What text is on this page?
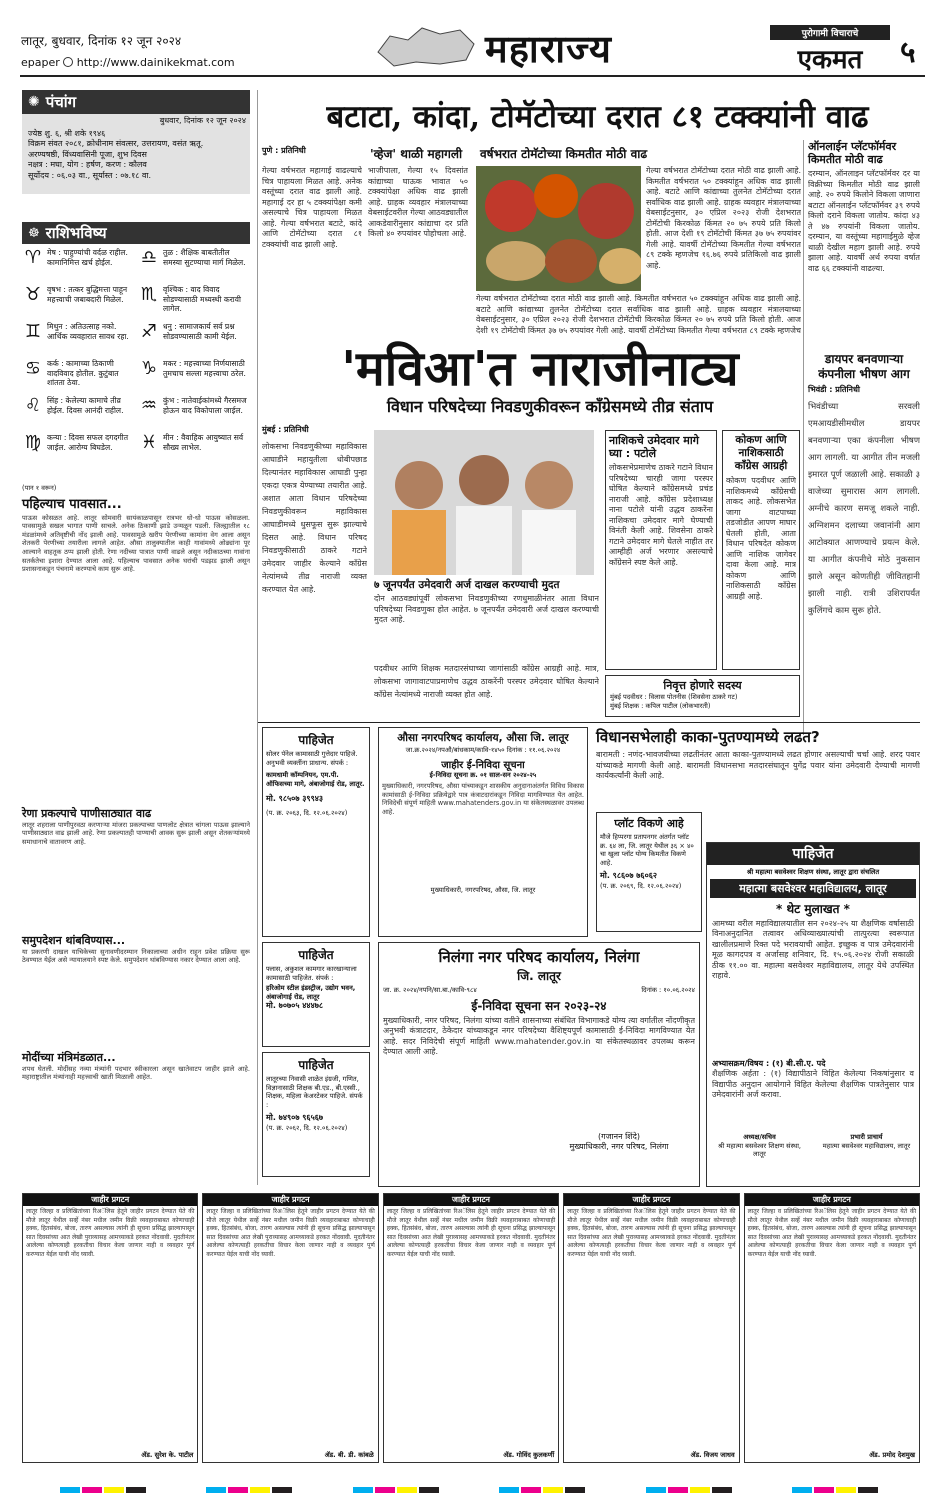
लातूर, बुधवार, दिनांक १२ जून २०२४
epaper http://www.dainikekmat.com	महाराज्य	पुरोगामी विचाराचे
एकमत	५
✺ पंचांग
बुधवार, दिनांक १२ जून २०२४
ज्येष्ठ शु. ६, श्री शके १९४६
विक्रम संवत २०८१, क्रोधीनाम संवत्सर, उत्तरायण, वसंत ऋतू.
अरण्यषष्ठी, विंध्यवासिनी पूजा, शुभ दिवस
नक्षत्र : मघा, योग : हर्षण, करण : कौलव
सूर्योदय : ०६.०३ वा., सूर्यास्त : ०७.१८ वा.
☸ राशिभविष्य
♈ मेष : पाहुण्यांची वर्दळ राहील. कामानिमित्त खर्च होईल.	♎ तुळ : शैक्षिक बाबतीतील समस्या सुटण्याचा मार्ग मिळेल.
♉ वृषभ : तत्कर बुद्धिमत्ता पाहून महत्त्वाची जबाबदारी मिळेल. ♏ वृश्चिक : वाद विवाद सोडण्यासाठी मध्यस्थी करावी लागेल.
♊ मिथुन : अतिउत्साह नको. आर्थिक व्यवहारात सावध रहा. ♐ धनु : सामाजकार्य सर्व प्रश्न सोडवण्यासाठी कामी येईल.
♋ कर्क : कामाच्या ठिकाणी वादविवाद होतील. कुटुंबात शांतता ठेवा.
♑ मकर : महत्त्वाच्या निर्णयासाठी तुमचाच सल्ला महत्त्वाचा ठरेल.
♌ सिंह : केलेल्या कामाचे तीव्र होईल. दिवस आनंदी राहील. ♒ कुंभ : नातेवाईकांमध्ये गैरसमज होऊन वाद विकोपाला जाईल.
♍ कन्या : दिवस सफल दगदगीत जाईल. आरोग्य बिघडेल.	♓ मीन : वैवाहिक आयुष्यात सर्व सौख्य लाभेल.
(पान १ वरून)
पहिल्याच पावसात...
पाऊस कोसळत आहे. लातूर सोमवारी सायंकाळपासून रात्रभर धो-धो पाऊस कोसळला. पावसामुळे सखल भागात पाणी साचले. अनेक ठिकाणी झाडे उन्मळून पडली. जिल्ह्यातील १८ मंडळांमध्ये अतिवृष्टीची नोंद झाली आहे. पावसामुळे खरीप पेरणीच्या कामांना वेग आला असून शेतकरी पेरणीच्या तयारीला लागले आहेत. औसा तालुक्यातील काही गावांमध्ये ओढ्यांना पूर आल्याने वाहतूक ठप्प झाली होती. रेणा नदीच्या पात्रात पाणी वाढले असून नदीकाठच्या गावांना सतर्कतेचा इशारा देण्यात आला आहे. पहिल्याच पावसात अनेक घरांची पडझड झाली असून प्रशासनाकडून पंचनामे करण्याचे काम सुरू आहे.
रेणा प्रकल्पाचे पाणीसाठ्यात वाढ
लातूर शहराला पाणीपुरवठा करणाऱ्या मांजरा प्रकल्पाच्या पाणलोट क्षेत्रात चांगला पाऊस झाल्याने पाणीसाठ्यात वाढ झाली आहे. रेणा प्रकल्पातही पाण्याची आवक सुरू झाली असून शेतकऱ्यांमध्ये समाधानाचे वातावरण आहे.
समुपदेशन थांबविण्यास...
या प्रकरणी दाखल याचिकेच्या सुनावणीदरम्यान निकालाच्या अधीन राहून प्रवेश प्रक्रिया सुरू ठेवण्यात येईल असे न्यायालयाने स्पष्ट केले. समुपदेशन थांबविण्यास नकार देण्यात आला आहे.
मोदींच्या मंत्रिमंडळात...
शपथ घेतली. मोदींसह नव्या मंत्र्यांनी पदभार स्वीकारला असून खातेवाटप जाहीर झाले आहे. महाराष्ट्रातील मंत्र्यांनाही महत्त्वाची खाती मिळाली आहेत.
बटाटा, कांदा, टोमॅटोच्या दरात ८१ टक्क्यांनी वाढ
पुणे : प्रतिनिधी	'व्हेज' थाळी महागली वर्षभरात टोमॅटोच्या किमतीत मोठी वाढ
गेल्या वर्षभरात महागाई वाढल्याचे चित्र पाहायला मिळत आहे. अनेक वस्तूंच्या दरात वाढ झाली आहे. महागाई दर हा ५ टक्क्यांपेक्षा कमी असल्याचे चित्र पाहायला मिळत आहे. गेल्या वर्षभरात बटाटे, कांदे आणि टोमॅटोच्या दरात ८१ टक्क्यांची वाढ झाली आहे.
भाजीपाला, गेल्या १५ दिवसांत कांद्याच्या घाऊक भावात ५० टक्क्यांपेक्षा अधिक वाढ झाली आहे. ग्राहक व्यवहार मंत्रालयाच्या वेबसाईटवरील गेल्या आठवड्यातील आकडेवारीनुसार कांद्याचा दर प्रति किलो ४० रुपयांवर पोहोचला आहे.
गेल्या वर्षभरात टोमॅटोच्या दरात मोठी वाढ झाली आहे. किमतीत वर्षभरात ५० टक्क्यांहून अधिक वाढ झाली आहे. बटाटे आणि कांद्याच्या तुलनेत टोमॅटोच्या दरात सर्वाधिक वाढ झाली आहे. ग्राहक व्यवहार मंत्रालयाच्या वेबसाईटनुसार, ३० एप्रिल २०२३ रोजी देशभरात टोमॅटोची किरकोळ किंमत २० ७५ रुपये प्रति किलो होती. आज देशी १९ टोमॅटोची किंमत ३७ ७५ रुपयांवर गेली आहे. यावर्षी टोमॅटोच्या किमतीत गेल्या वर्षभरात ८९ टक्के म्हणजेच १६.७६ रुपये प्रतिकिलो वाढ झाली आहे.
गेल्या वर्षभरात टोमॅटोच्या दरात मोठी वाढ झाली आहे. किमतीत वर्षभरात ५० टक्क्यांहून अधिक वाढ झाली आहे. बटाटे आणि कांद्याच्या तुलनेत टोमॅटोच्या दरात सर्वाधिक वाढ झाली आहे. ग्राहक व्यवहार मंत्रालयाच्या वेबसाईटनुसार, ३० एप्रिल २०२३ रोजी देशभरात टोमॅटोची किरकोळ किंमत २० ७५ रुपये प्रति किलो होती. आज देशी १९ टोमॅटोची किंमत ३७ ७५ रुपयांवर गेली आहे. यावर्षी टोमॅटोच्या किमतीत गेल्या वर्षभरात ८९ टक्के म्हणजेच
ऑनलाईन प्लॅटफॉर्मवर किमतीत मोठी वाढ
दरम्यान, ऑनलाइन प्लॅटफॉर्मवर दर या विक्रीच्या किमतीत मोठी वाढ झाली आहे. २० रुपये किलोने विकला जाणारा बटाटा ऑनलाईन प्लॅटफॉर्मवर ३९ रुपये किलो दराने विकला जातोय. कांदा ४३ ते ४७ रुपयांनी विकला जातोय. दरम्यान, या वस्तूंच्या महागाईमुळे व्हेज थाळी देखील महाग झाली आहे. रुपये झाला आहे. यावर्षी अर्थ रुपया वर्षात वाढ ६६ टक्क्यांनी वाढल्या.
डायपर बनवणाऱ्या कंपनीला भीषण आग
भिवंडी : प्रतिनिधी
भिवंडीच्या सरवली एमआयडीसीमधील डायपर बनवणाऱ्या एका कंपनीला भीषण आग लागली. या आगीत तीन मजली इमारत पूर्ण जळाली आहे. सकाळी ३ वाजेच्या सुमारास आग लागली. अग्नीचे कारण समजू शकले नाही. अग्निशमन दलाच्या जवानांनी आग आटोक्यात आणण्याचे प्रयत्न केले. या आगीत कंपनीचे मोठे नुकसान झाले असून कोणतीही जीवितहानी झाली नाही. रात्री उशिरापर्यंत कुलिंगचे काम सुरू होते.
'मविआ'त नाराजीनाट्य
विधान परिषदेच्या निवडणुकीवरून काँग्रेसमध्ये तीव्र संताप
मुंबई : प्रतिनिधी
लोकसभा निवडणुकीच्या महाविकास आघाडीने महायुतीला धोबीपछाड दिल्यानंतर महाविकास आघाडी पुन्हा एकदा एकत्र येण्याच्या तयारीत आहे. अशात आता विधान परिषदेच्या निवडणुकीवरून महाविकास आघाडीमध्ये धुसफूस सुरू झाल्याचे दिसत आहे. विधान परिषद निवडणुकीसाठी ठाकरे गटाने उमेदवार जाहीर केल्याने काँग्रेस नेत्यांमध्ये तीव्र नाराजी व्यक्त करण्यात येत आहे.	७ जूनपर्यंत उमेदवारी अर्ज दाखल करण्याची मुदत
दोन आठवड्यांपूर्वी लोकसभा निवडणुकीच्या रणधुमाळीनंतर आता विधान परिषदेच्या निवडणुका होत आहेत. ७ जूनपर्यंत उमेदवारी अर्ज दाखल करण्याची मुदत आहे.
पदवीधर आणि शिक्षक मतदारसंघाच्या जागांसाठी काँग्रेस आग्रही आहे. मात्र, लोकसभा जागावाटपाप्रमाणेच उद्धव ठाकरेंनी परस्पर उमेदवार घोषित केल्याने काँग्रेस नेत्यांमध्ये नाराजी व्यक्त होत आहे.
नाशिकचे उमेदवार मागे घ्या : पटोले
लोकसभेप्रमाणेच ठाकरे गटाने विधान परिषदेच्या चारही जागा परस्पर घोषित केल्याने काँग्रेसमध्ये प्रचंड नाराजी आहे. काँग्रेस प्रदेशाध्यक्ष नाना पटोले यांनी उद्धव ठाकरेंना नाशिकचा उमेदवार मागे घेण्याची विनंती केली आहे. शिवसेना ठाकरे गटाने उमेदवार मागे घेतले नाहीत तर आम्हीही अर्ज भरणार असल्याचे काँग्रेसने स्पष्ट केले आहे.
कोकण आणि नाशिकसाठी काँग्रेस आग्रही
कोकण पदवीधर आणि नाशिकमध्ये काँग्रेसची ताकद आहे. लोकसभेत जागा वाटपाच्या तडजोडीत आपण माघार घेतली होती, आता विधान परिषदेत कोकण आणि नाशिक जागेवर दावा केला आहे. मात्र कोकण आणि नाशिकसाठी काँग्रेस आग्रही आहे.
निवृत्त होणारे सदस्य
मुंबई पदवीधर : विलास पोतनीस (शिवसेना ठाकरे गट)
मुंबई शिक्षक : कपिल पाटील (लोकभारती)
पाहिजेत
सोलर पॅनेल कामासाठी गुत्तेदार पाहिजे. अनुभवी व्यक्तींना प्राधान्य. संपर्क :
कामधामी कॉम्पनियन, एम.पी. ऑफिसच्या मागे, अंबाजोगाई रोड, लातूर.
मो. ९८५०७ ३९९४३
(प. क्र. २०६३, दि. १२.०६.२०२४)
पाहिजेत
फ्लास, अकुशल कामगार कारखान्याला कामासाठी पाहिजेत. संपर्क :
हरिओम स्टील इंडस्ट्रीज, उद्योग भवन, अंबाजोगाई रोड, लातूर
मो. ७०७०५ ४४४७८
पाहिजेत
लातूरच्या निवासी शाळेत इंग्रजी, गणित, विज्ञानासाठी शिक्षक बी.एड., बी.एस्सी., शिक्षक, महिला केअरटेकर पाहिजे. संपर्क :
मो. ७४९०७ ९६५६७
(प. क्र. २०६२, दि. १२.०६.२०२४)
औसा नगरपरिषद कार्यालय, औसा जि. लातूर
जा.क्र.२०२४/नपऔ/बांधकाम/कावि-१४५० दिनांक : ११.०६.२०२४
जाहीर ई-निविदा सूचना
ई-निविदा सूचना क्र. ०१ साल-सन २०२४-२५
मुख्याधिकारी, नगरपरिषद, औसा यांच्याकडून शासकीय अनुदानाअंतर्गत विविध विकास कामांसाठी ई-निविदा प्रक्रियेद्वारे पात्र कंत्राटदारांकडून निविदा मागविण्यात येत आहेत. निविदेची संपूर्ण माहिती www.mahatenders.gov.in या संकेतस्थळावर उपलब्ध आहे.
मुख्याधिकारी, नगरपरिषद, औसा, जि. लातूर
विधानसभेलाही काका-पुतण्यामध्ये लढत?
बारामती : नणंद-भावजयीच्या लढतीनंतर आता काका-पुतण्यामध्ये लढत होणार असल्याची चर्चा आहे. शरद पवार यांच्याकडे मागणी केली आहे. बारामती विधानसभा मतदारसंघातून युगेंद्र पवार यांना उमेदवारी देण्याची मागणी कार्यकर्त्यांनी केली आहे.
प्लॉट विकणे आहे
मौजे हिप्परगा प्रतापनगर अंतर्गत प्लॉट क्र. ६४ ला, जि. लातूर येथील ३६ × ४० चा खुला प्लॉट योग्य किमतीत विकणे आहे.
मो. ९८६०७ ७६०६२
(प. क्र. २०६९, दि. १२.०६.२०२४)
पाहिजेत
श्री महात्मा बसवेश्वर शिक्षण संस्था, लातूर द्वारा संचलित
महात्मा बसवेश्वर महाविद्यालय, लातूर
* थेट मुलाखत *
आमच्या वरील महाविद्यालयातील सन २०२४-२५ या शैक्षणिक वर्षासाठी विनाअनुदानित तत्वावर अधिव्याख्यात्यांची तात्पुरत्या स्वरूपात खालीलप्रमाणे रिक्त पदे भरावयाची आहेत. इच्छुक व पात्र उमेदवारांनी मूळ कागदपत्र व अर्जासह शनिवार, दि. १५.०६.२०२४ रोजी सकाळी ठीक ११.०० वा. महात्मा बसवेश्वर महाविद्यालय, लातूर येथे उपस्थित राहावे.
अभ्यासक्रम/विषय : (१) बी.सी.ए. पदे
शैक्षणिक अर्हता : (१) विद्यापीठाने विहित केलेल्या निकषांनुसार व विद्यापीठ अनुदान आयोगाने विहित केलेल्या शैक्षणिक पात्रतेनुसार पात्र उमेदवारांनी अर्ज करावा.
अध्यक्ष/सचिव
श्री महात्मा बसवेश्वर शिक्षण संस्था, लातूर
प्रभारी प्राचार्य
महात्मा बसवेश्वर महाविद्यालय, लातूर
निलंगा नगर परिषद कार्यालय, निलंगा
जि. लातूर
जा. क्र. २०२४/नपनि/सा.बा./कावि-९८४	दिनांक : १०.०६.२०२४
ई-निविदा सूचना सन २०२३-२४
मुख्याधिकारी, नगर परिषद, निलंगा यांच्या वतीने शासनाच्या संबंधित विभागाकडे योग्य त्या वर्गातील नोंदणीकृत अनुभवी कंत्राटदार, ठेकेदार यांच्याकडून नगर परिषदेच्या वैशिष्ट्यपूर्ण कामासाठी ई-निविदा मागविण्यात येत आहे. सदर निविदेची संपूर्ण माहिती www.mahatender.gov.in या संकेतस्थळावर उपलब्ध करून देण्यात आली आहे.
(गजानन शिंदे)
मुख्याधिकारी, नगर परिषद, निलंगा
जाहीर प्रगटन
लातूर जिल्हा व प्रलिखितांच्या रिअॅलिस हेतूने जाहीर प्रगटन देण्यात येते की मौजे लातूर येथील सर्व्हे नंबर मधील जमीन विक्री व्यवहाराबाबत कोणाचाही हक्क, हितसंबंध, बोजा, तारण असल्यास त्यांनी ही सूचना प्रसिद्ध झाल्यापासून सात दिवसांच्या आत लेखी पुराव्यासह आमच्याकडे हरकत नोंदवावी. मुदतीनंतर आलेल्या कोणत्याही हरकतीचा विचार केला जाणार नाही व व्यवहार पूर्ण करण्यात येईल याची नोंद घ्यावी.
ॲड. सुरेश के. पाटील
जाहीर प्रगटन
लातूर जिल्हा व प्रलिखितांच्या रिअॅलिस हेतूने जाहीर प्रगटन देण्यात येते की मौजे लातूर येथील सर्व्हे नंबर मधील जमीन विक्री व्यवहाराबाबत कोणाचाही हक्क, हितसंबंध, बोजा, तारण असल्यास त्यांनी ही सूचना प्रसिद्ध झाल्यापासून सात दिवसांच्या आत लेखी पुराव्यासह आमच्याकडे हरकत नोंदवावी. मुदतीनंतर आलेल्या कोणत्याही हरकतीचा विचार केला जाणार नाही व व्यवहार पूर्ण करण्यात येईल याची नोंद घ्यावी.
ॲड. बी. डी. कांबळे
जाहीर प्रगटन
लातूर जिल्हा व प्रलिखितांच्या रिअॅलिस हेतूने जाहीर प्रगटन देण्यात येते की मौजे लातूर येथील सर्व्हे नंबर मधील जमीन विक्री व्यवहाराबाबत कोणाचाही हक्क, हितसंबंध, बोजा, तारण असल्यास त्यांनी ही सूचना प्रसिद्ध झाल्यापासून सात दिवसांच्या आत लेखी पुराव्यासह आमच्याकडे हरकत नोंदवावी. मुदतीनंतर आलेल्या कोणत्याही हरकतीचा विचार केला जाणार नाही व व्यवहार पूर्ण करण्यात येईल याची नोंद घ्यावी.
ॲड. गोविंद कुलकर्णी
जाहीर प्रगटन
लातूर जिल्हा व प्रलिखितांच्या रिअॅलिस हेतूने जाहीर प्रगटन देण्यात येते की मौजे लातूर येथील सर्व्हे नंबर मधील जमीन विक्री व्यवहाराबाबत कोणाचाही हक्क, हितसंबंध, बोजा, तारण असल्यास त्यांनी ही सूचना प्रसिद्ध झाल्यापासून सात दिवसांच्या आत लेखी पुराव्यासह आमच्याकडे हरकत नोंदवावी. मुदतीनंतर आलेल्या कोणत्याही हरकतीचा विचार केला जाणार नाही व व्यवहार पूर्ण करण्यात येईल याची नोंद घ्यावी.
ॲड. विजय जाधव
जाहीर प्रगटन
लातूर जिल्हा व प्रलिखितांच्या रिअॅलिस हेतूने जाहीर प्रगटन देण्यात येते की मौजे लातूर येथील सर्व्हे नंबर मधील जमीन विक्री व्यवहाराबाबत कोणाचाही हक्क, हितसंबंध, बोजा, तारण असल्यास त्यांनी ही सूचना प्रसिद्ध झाल्यापासून सात दिवसांच्या आत लेखी पुराव्यासह आमच्याकडे हरकत नोंदवावी. मुदतीनंतर आलेल्या कोणत्याही हरकतीचा विचार केला जाणार नाही व व्यवहार पूर्ण करण्यात येईल याची नोंद घ्यावी.
ॲड. प्रमोद देशमुख
